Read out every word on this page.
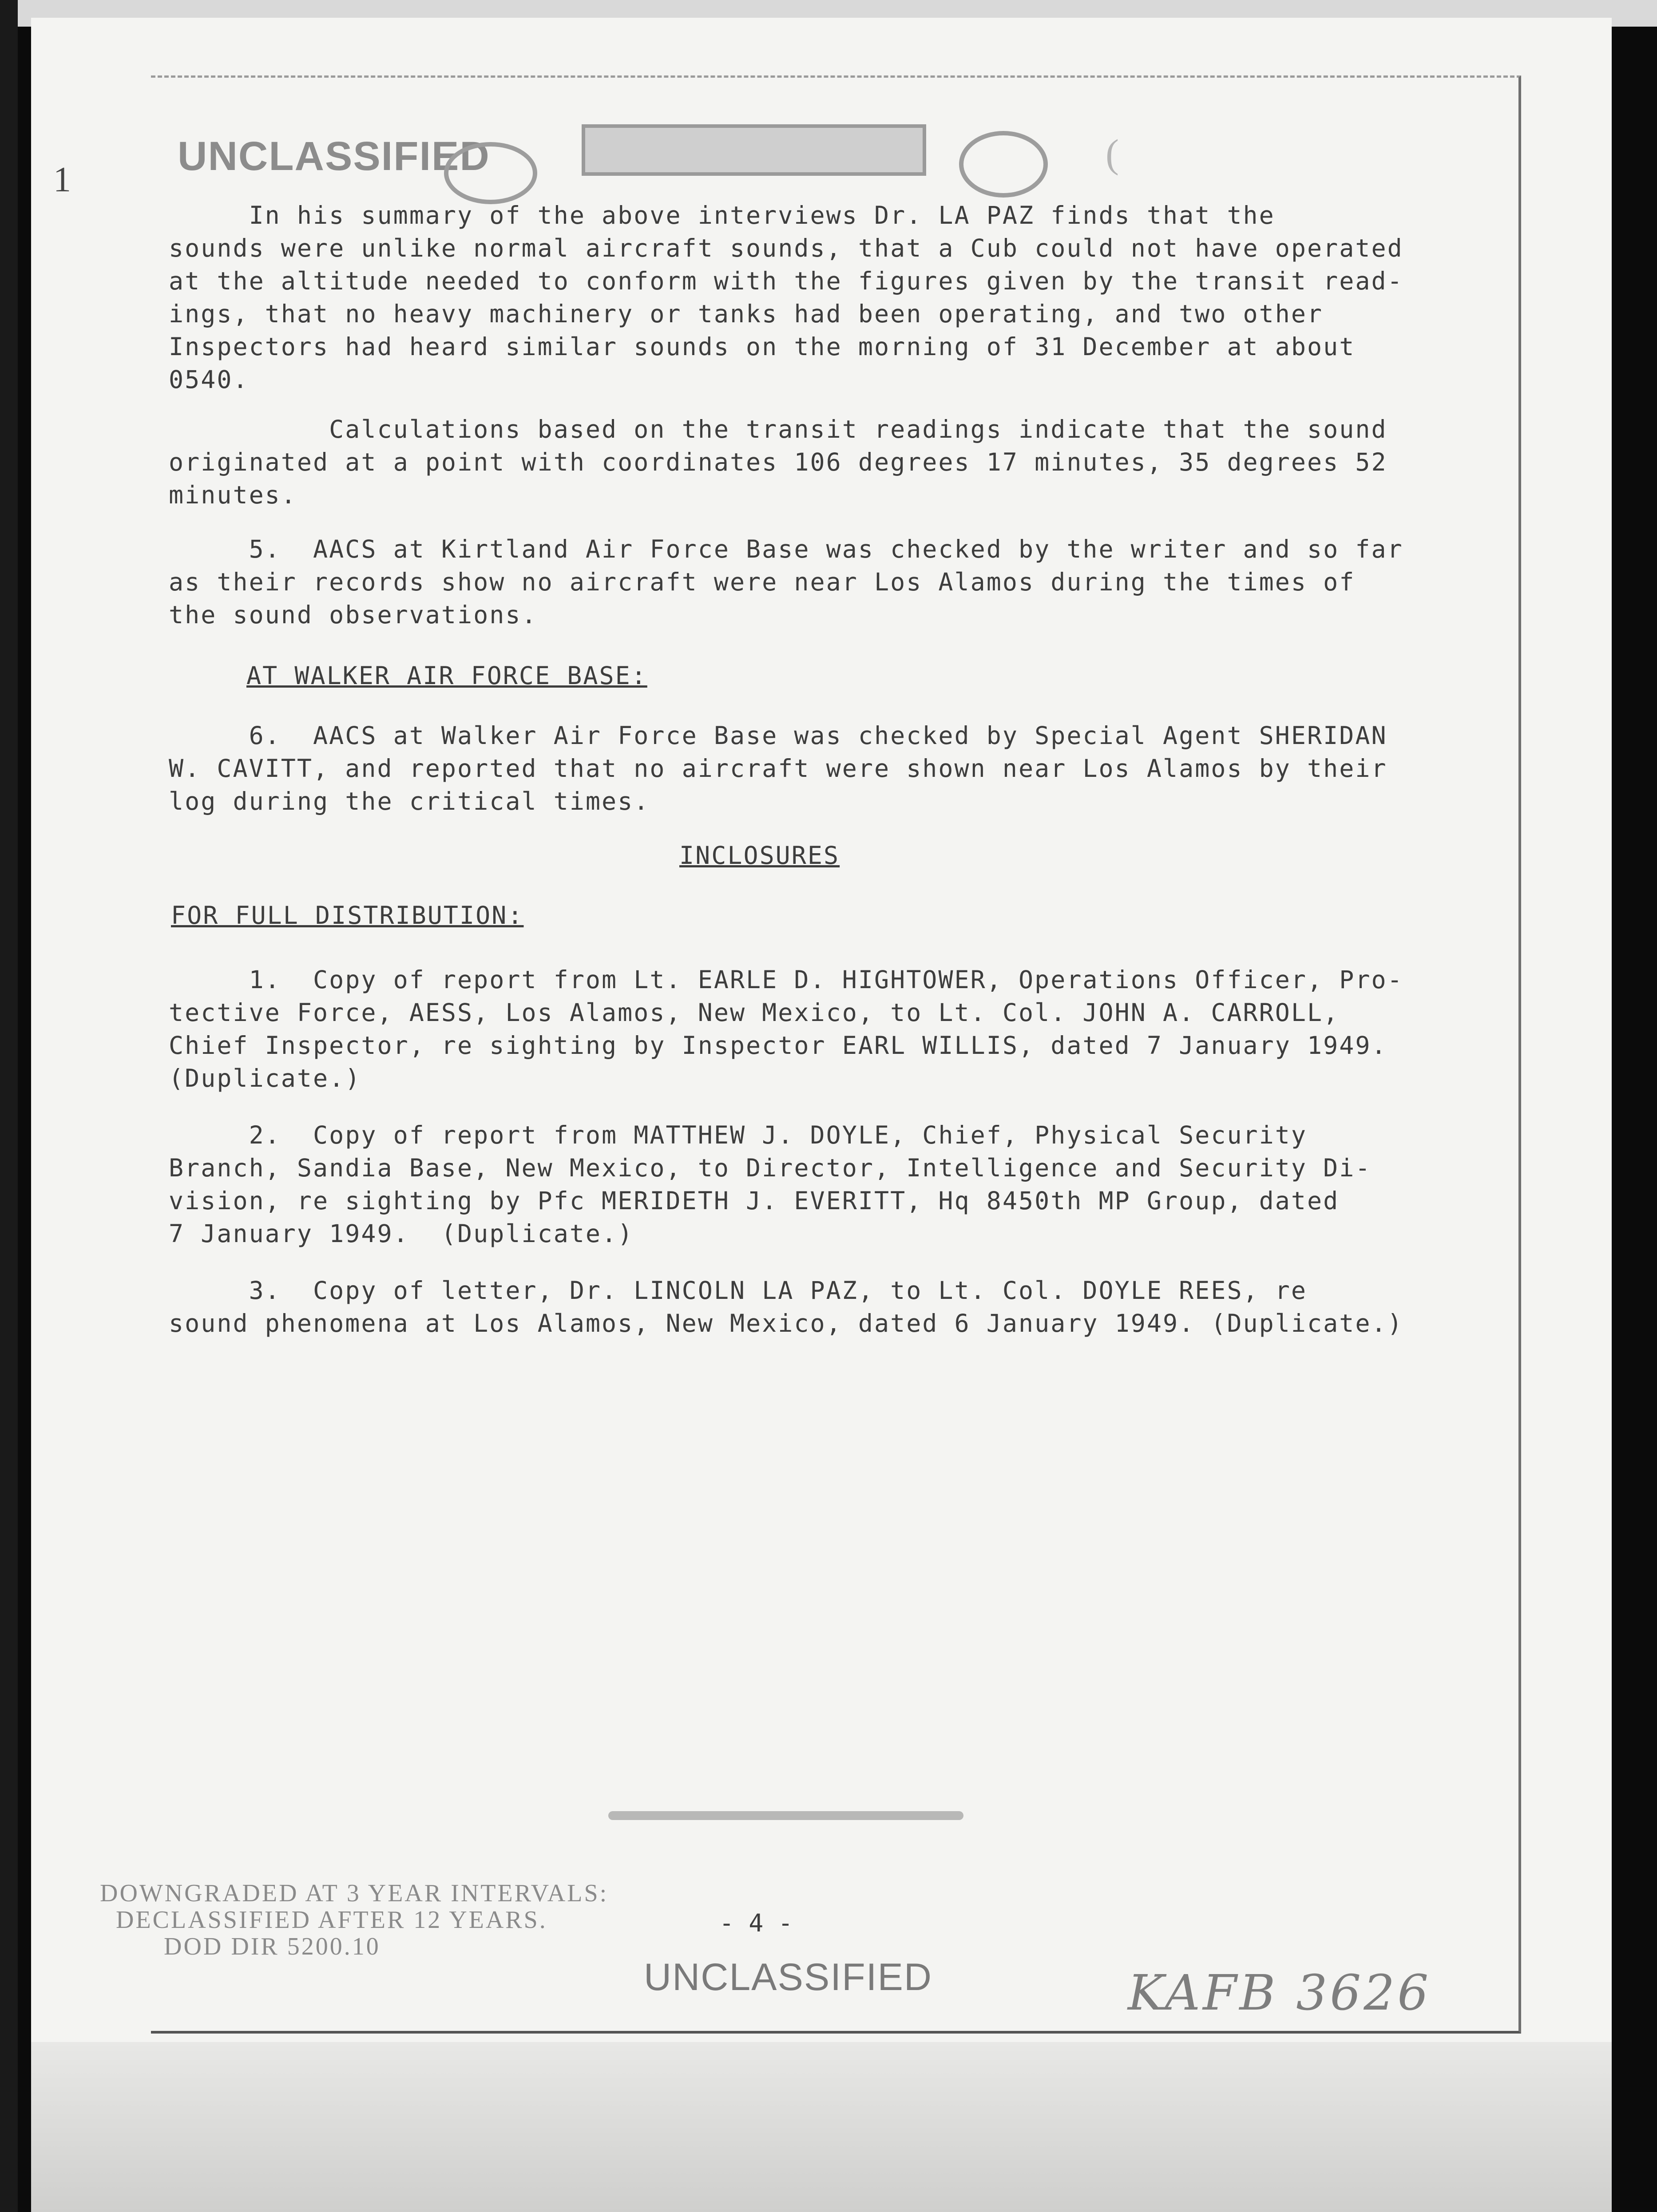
1
UNCLASSIFIED	(
In his summary of the above interviews Dr. LA PAZ finds that the
sounds were unlike normal aircraft sounds, that a Cub could not have operated
at the altitude needed to conform with the figures given by the transit read-
ings, that no heavy machinery or tanks had been operating, and two other
Inspectors had heard similar sounds on the morning of 31 December at about
0540.
Calculations based on the transit readings indicate that the sound
originated at a point with coordinates 106 degrees 17 minutes, 35 degrees 52
minutes.
5.  AACS at Kirtland Air Force Base was checked by the writer and so far
as their records show no aircraft were near Los Alamos during the times of
the sound observations.
AT WALKER AIR FORCE BASE:
6.  AACS at Walker Air Force Base was checked by Special Agent SHERIDAN
W. CAVITT, and reported that no aircraft were shown near Los Alamos by their
log during the critical times.
INCLOSURES
FOR FULL DISTRIBUTION:
1.  Copy of report from Lt. EARLE D. HIGHTOWER, Operations Officer, Pro-
tective Force, AESS, Los Alamos, New Mexico, to Lt. Col. JOHN A. CARROLL,
Chief Inspector, re sighting by Inspector EARL WILLIS, dated 7 January 1949.
(Duplicate.)
2.  Copy of report from MATTHEW J. DOYLE, Chief, Physical Security
Branch, Sandia Base, New Mexico, to Director, Intelligence and Security Di-
vision, re sighting by Pfc MERIDETH J. EVERITT, Hq 8450th MP Group, dated
7 January 1949.  (Duplicate.)
3.  Copy of letter, Dr. LINCOLN LA PAZ, to Lt. Col. DOYLE REES, re
sound phenomena at Los Alamos, New Mexico, dated 6 January 1949. (Duplicate.)
DOWNGRADED AT 3 YEAR INTERVALS:
DECLASSIFIED AFTER 12 YEARS.
DOD DIR 5200.10
- 4 -
UNCLASSIFIED	KAFB 3626
